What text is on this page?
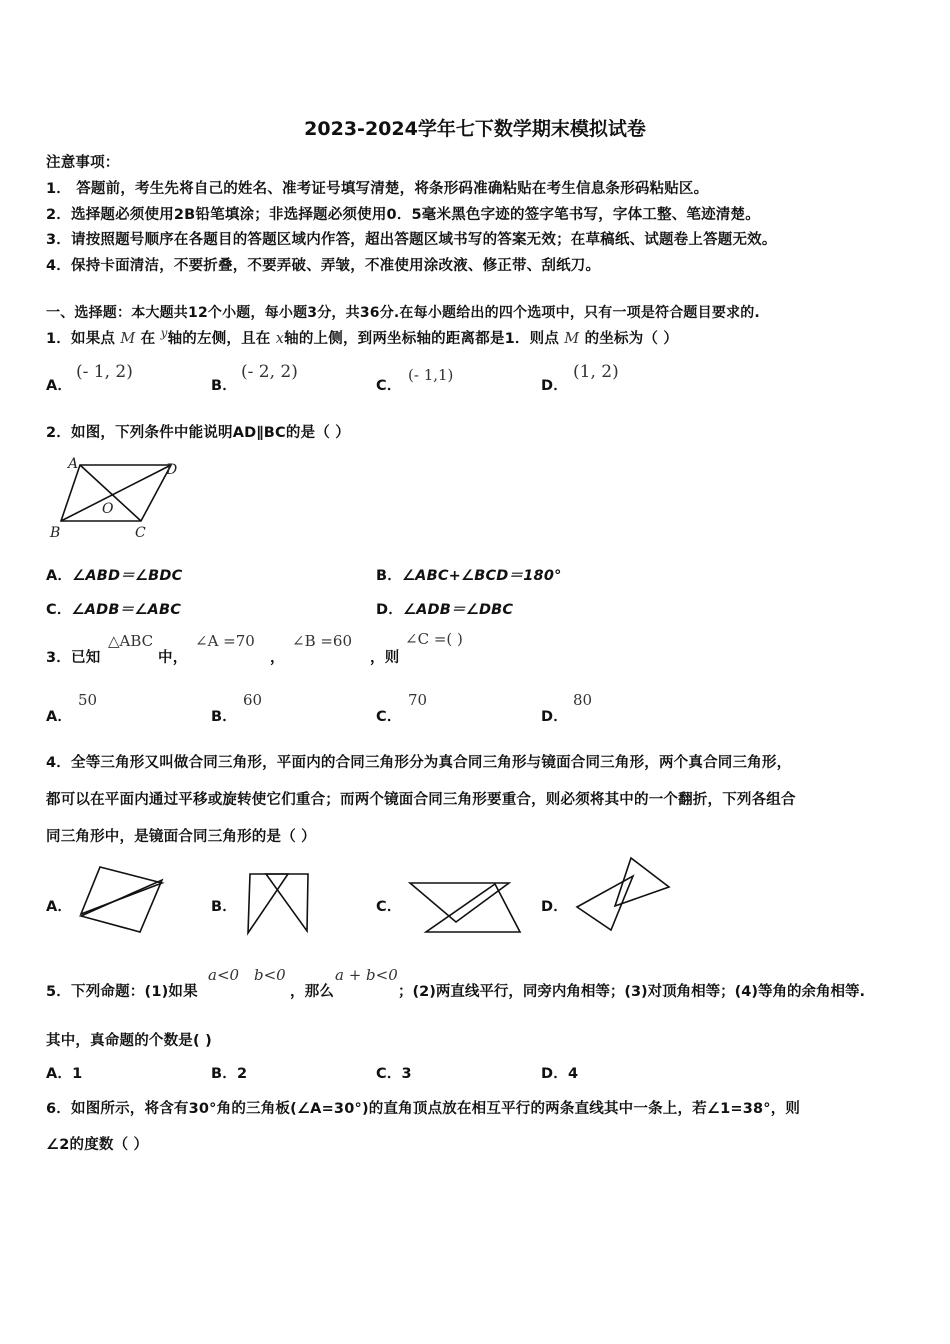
2023-2024学年七下数学期末模拟试卷
注意事项：
1． 答题前，考生先将自己的姓名、准考证号填写清楚，将条形码准确粘贴在考生信息条形码粘贴区。
2．选择题必须使用2B铅笔填涂；非选择题必须使用0．5毫米黑色字迹的签字笔书写，字体工整、笔迹清楚。
3．请按照题号顺序在各题目的答题区域内作答，超出答题区域书写的答案无效；在草稿纸、试题卷上答题无效。
4．保持卡面清洁，不要折叠，不要弄破、弄皱，不准使用涂改液、修正带、刮纸刀。
一、选择题：本大题共12个小题，每小题3分，共36分.在每小题给出的四个选项中，只有一项是符合题目要求的.
1．如果点 M 在 $^y$轴的左侧，且在 x轴的上侧，到两坐标轴的距离都是1．则点 M 的坐标为（ ）
A．
(- 1, 2)
B．
(- 2, 2)
C．
(- 1,1)
D．
(1, 2)
2．如图，下列条件中能说明AD∥BC的是（ ）
A	D
O
B	C
A．∠ABD＝∠BDC	B．∠ABC+∠BCD＝180°
C．∠ADB＝∠ABC	D．∠ADB＝∠DBC
3．已知
△ABC
中，
∠A =70
，
∠B =60
，则
∠C =( )
A．
50
B．
60
C．
70
D．
80
4．全等三角形又叫做合同三角形，平面内的合同三角形分为真合同三角形与镜面合同三角形，两个真合同三角形，
都可以在平面内通过平移或旋转使它们重合；而两个镜面合同三角形要重合，则必须将其中的一个翻折，下列各组合
同三角形中，是镜面合同三角形的是（ ）
A．	B．	C．	D．
5．下列命题：(1)如果
a<0 b<0
，那么
a + b<0
；(2)两直线平行，同旁内角相等；(3)对顶角相等；(4)等角的余角相等.
其中，真命题的个数是( )
A．1	B．2	C．3	D．4
6．如图所示，将含有30°角的三角板(∠A=30°)的直角顶点放在相互平行的两条直线其中一条上，若∠1=38°，则
∠2的度数（ ）
